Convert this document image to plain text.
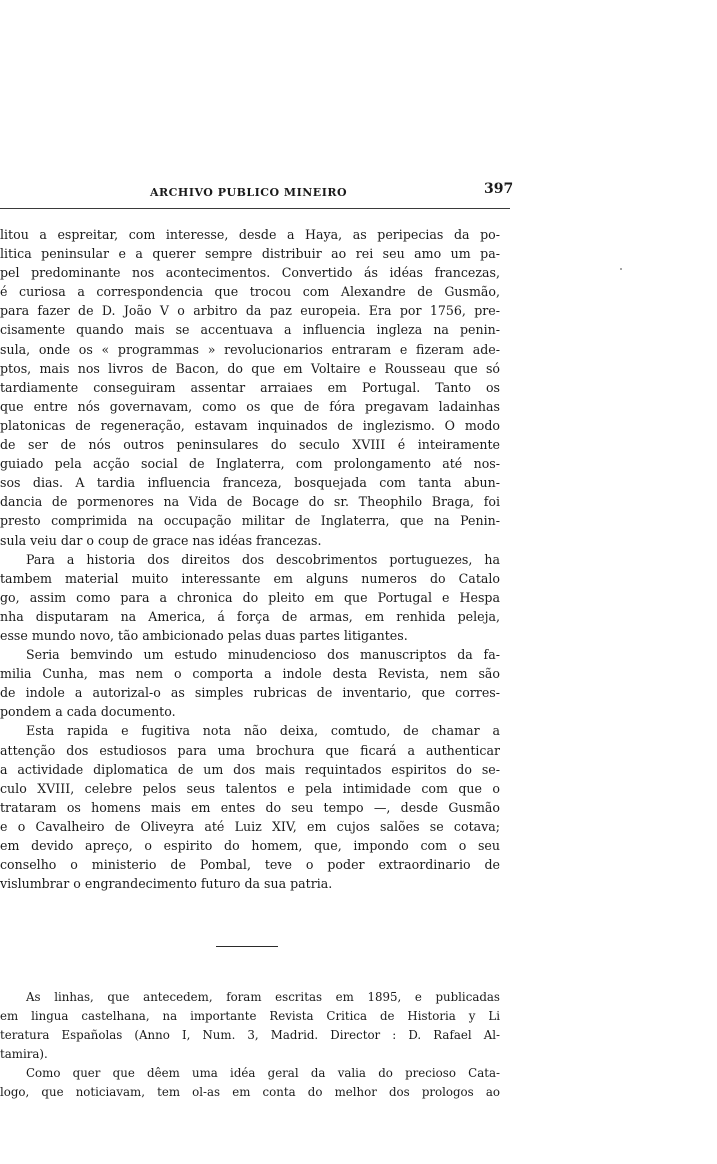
ARCHIVO PUBLICO MINEIRO	397
litou a espreitar, com interesse, desde a Haya, as peripecias da po-
litica peninsular e a querer sempre distribuir ao rei seu amo um pa-
pel predominante nos acontecimentos. Convertido ás idéas francezas,
é curiosa a correspondencia que trocou com Alexandre de Gusmão,
para fazer de D. João V o arbitro da paz europeia. Era por 1756, pre-
cisamente quando mais se accentuava a influencia ingleza na penin-
sula, onde os « programmas » revolucionarios entraram e fizeram ade-
ptos, mais nos livros de Bacon, do que em Voltaire e Rousseau que só
tardiamente conseguiram assentar arraiaes em Portugal. Tanto os
que entre nós governavam, como os que de fóra pregavam ladainhas
platonicas de regeneração, estavam inquinados de inglezismo. O modo
de ser de nós outros peninsulares do seculo XVIII é inteiramente
guiado pela acção social de Inglaterra, com prolongamento até nos-
sos dias. A tardia influencia franceza, bosquejada com tanta abun-
dancia de pormenores na Vida de Bocage do sr. Theophilo Braga, foi
presto comprimida na occupação militar de Inglaterra, que na Penin-
sula veiu dar o coup de grace nas idéas francezas.
Para a historia dos direitos dos descobrimentos portuguezes, ha
tambem material muito interessante em alguns numeros do Catalo
go, assim como para a chronica do pleito em que Portugal e Hespa
nha disputaram na America, á força de armas, em renhida peleja,
esse mundo novo, tão ambicionado pelas duas partes litigantes.
Seria bemvindo um estudo minudencioso dos manuscriptos da fa-
milia Cunha, mas nem o comporta a indole desta Revista, nem são
de indole a autorizal-o as simples rubricas de inventario, que corres-
pondem a cada documento.
Esta rapida e fugitiva nota não deixa, comtudo, de chamar a
attenção dos estudiosos para uma brochura que ficará a authenticar
a actividade diplomatica de um dos mais requintados espiritos do se-
culo XVIII, celebre pelos seus talentos e pela intimidade com que o
trataram os homens mais em entes do seu tempo —, desde Gusmão
e o Cavalheiro de Oliveyra até Luiz XIV, em cujos salões se cotava;
em devido apreço, o espirito do homem, que, impondo com o seu
conselho o ministerio de Pombal, teve o poder extraordinario de
vislumbrar o engrandecimento futuro da sua patria.
As linhas, que antecedem, foram escritas em 1895, e publicadas
em lingua castelhana, na importante Revista Critica de Historia y Li
teratura Españolas (Anno I, Num. 3, Madrid. Director : D. Rafael Al-
tamira).
Como quer que dêem uma idéa geral da valia do precioso Cata-
logo, que noticiavam, tem ol-as em conta do melhor dos prologos ao
